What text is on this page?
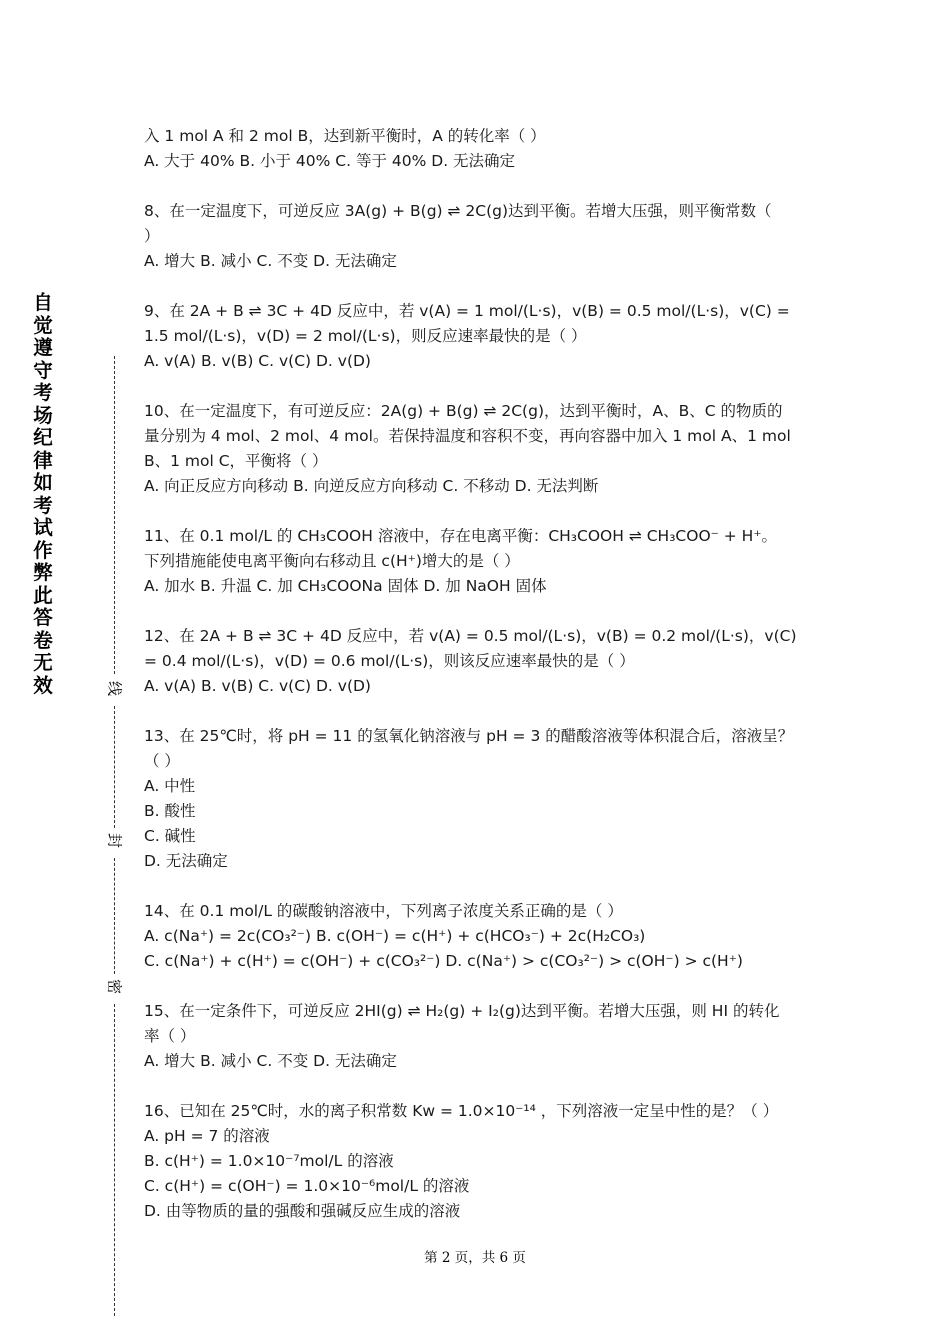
自觉遵守考场纪律如考试作弊此答卷无效	线
封
密
入 1 mol A 和 2 mol B，达到新平衡时，A 的转化率（ ）
A. 大于 40% B. 小于 40% C. 等于 40% D. 无法确定
8、在一定温度下，可逆反应 3A(g) + B(g) ⇌ 2C(g)达到平衡。若增大压强，则平衡常数（
）
A. 增大 B. 减小 C. 不变 D. 无法确定
9、在 2A + B ⇌ 3C + 4D 反应中，若 v(A) = 1 mol/(L·s)，v(B) = 0.5 mol/(L·s)，v(C) =
1.5 mol/(L·s)，v(D) = 2 mol/(L·s)，则反应速率最快的是（ ）
A. v(A) B. v(B) C. v(C) D. v(D)
10、在一定温度下，有可逆反应：2A(g) + B(g) ⇌ 2C(g)，达到平衡时，A、B、C 的物质的
量分别为 4 mol、2 mol、4 mol。若保持温度和容积不变，再向容器中加入 1 mol A、1 mol
B、1 mol C，平衡将（ ）
A. 向正反应方向移动 B. 向逆反应方向移动 C. 不移动 D. 无法判断
11、在 0.1 mol/L 的 CH₃COOH 溶液中，存在电离平衡：CH₃COOH ⇌ CH₃COO⁻ + H⁺。
下列措施能使电离平衡向右移动且 c(H⁺)增大的是（ ）
A. 加水 B. 升温 C. 加 CH₃COONa 固体 D. 加 NaOH 固体
12、在 2A + B ⇌ 3C + 4D 反应中，若 v(A) = 0.5 mol/(L·s)，v(B) = 0.2 mol/(L·s)，v(C)
= 0.4 mol/(L·s)，v(D) = 0.6 mol/(L·s)，则该反应速率最快的是（ ）
A. v(A) B. v(B) C. v(C) D. v(D)
13、在 25℃时，将 pH = 11 的氢氧化钠溶液与 pH = 3 的醋酸溶液等体积混合后，溶液呈？
（ ）
A. 中性
B. 酸性
C. 碱性
D. 无法确定
14、在 0.1 mol/L 的碳酸钠溶液中，下列离子浓度关系正确的是（ ）
A. c(Na⁺) = 2c(CO₃²⁻) B. c(OH⁻) = c(H⁺) + c(HCO₃⁻) + 2c(H₂CO₃)
C. c(Na⁺) + c(H⁺) = c(OH⁻) + c(CO₃²⁻) D. c(Na⁺) > c(CO₃²⁻) > c(OH⁻) > c(H⁺)
15、在一定条件下，可逆反应 2HI(g) ⇌ H₂(g) + I₂(g)达到平衡。若增大压强，则 HI 的转化
率（ ）
A. 增大 B. 减小 C. 不变 D. 无法确定
16、已知在 25℃时，水的离子积常数 Kw = 1.0×10⁻¹⁴ ，下列溶液一定呈中性的是？（ ）
A. pH = 7 的溶液
B. c(H⁺) = 1.0×10⁻⁷mol/L 的溶液
C. c(H⁺) = c(OH⁻) = 1.0×10⁻⁶mol/L 的溶液
D. 由等物质的量的强酸和强碱反应生成的溶液
第 2 页，共 6 页
